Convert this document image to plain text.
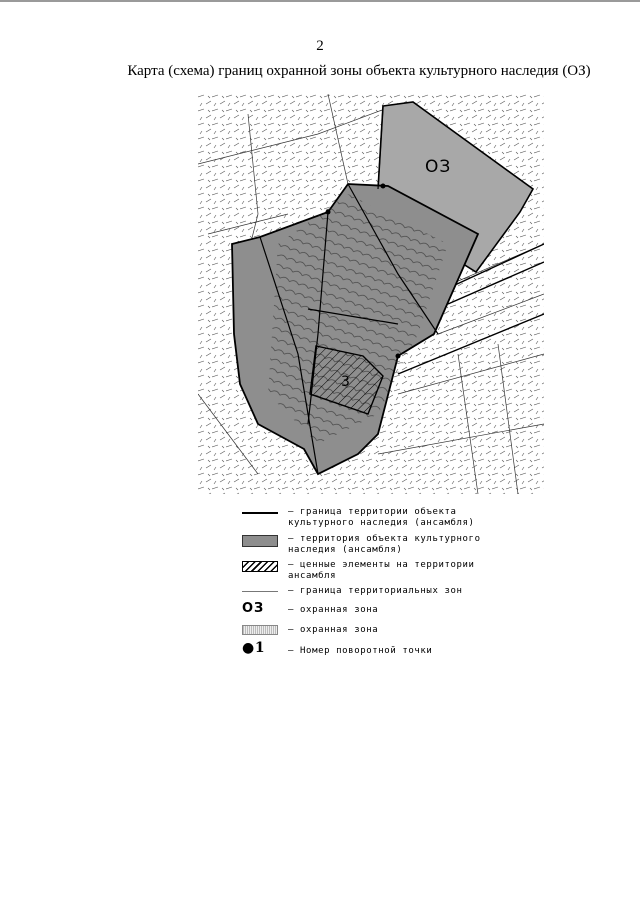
2
Карта (схема) границ охранной зоны объекта культурного наследия (ОЗ)
ОЗ
3
– граница территории объекта культурного наследия (ансамбля)
– территория объекта культурного наследия (ансамбля)
– ценные элементы на территории ансамбля
– граница территориальных зон
ОЗ	– охранная зона
– охранная зона
●1	– Номер поворотной точки
